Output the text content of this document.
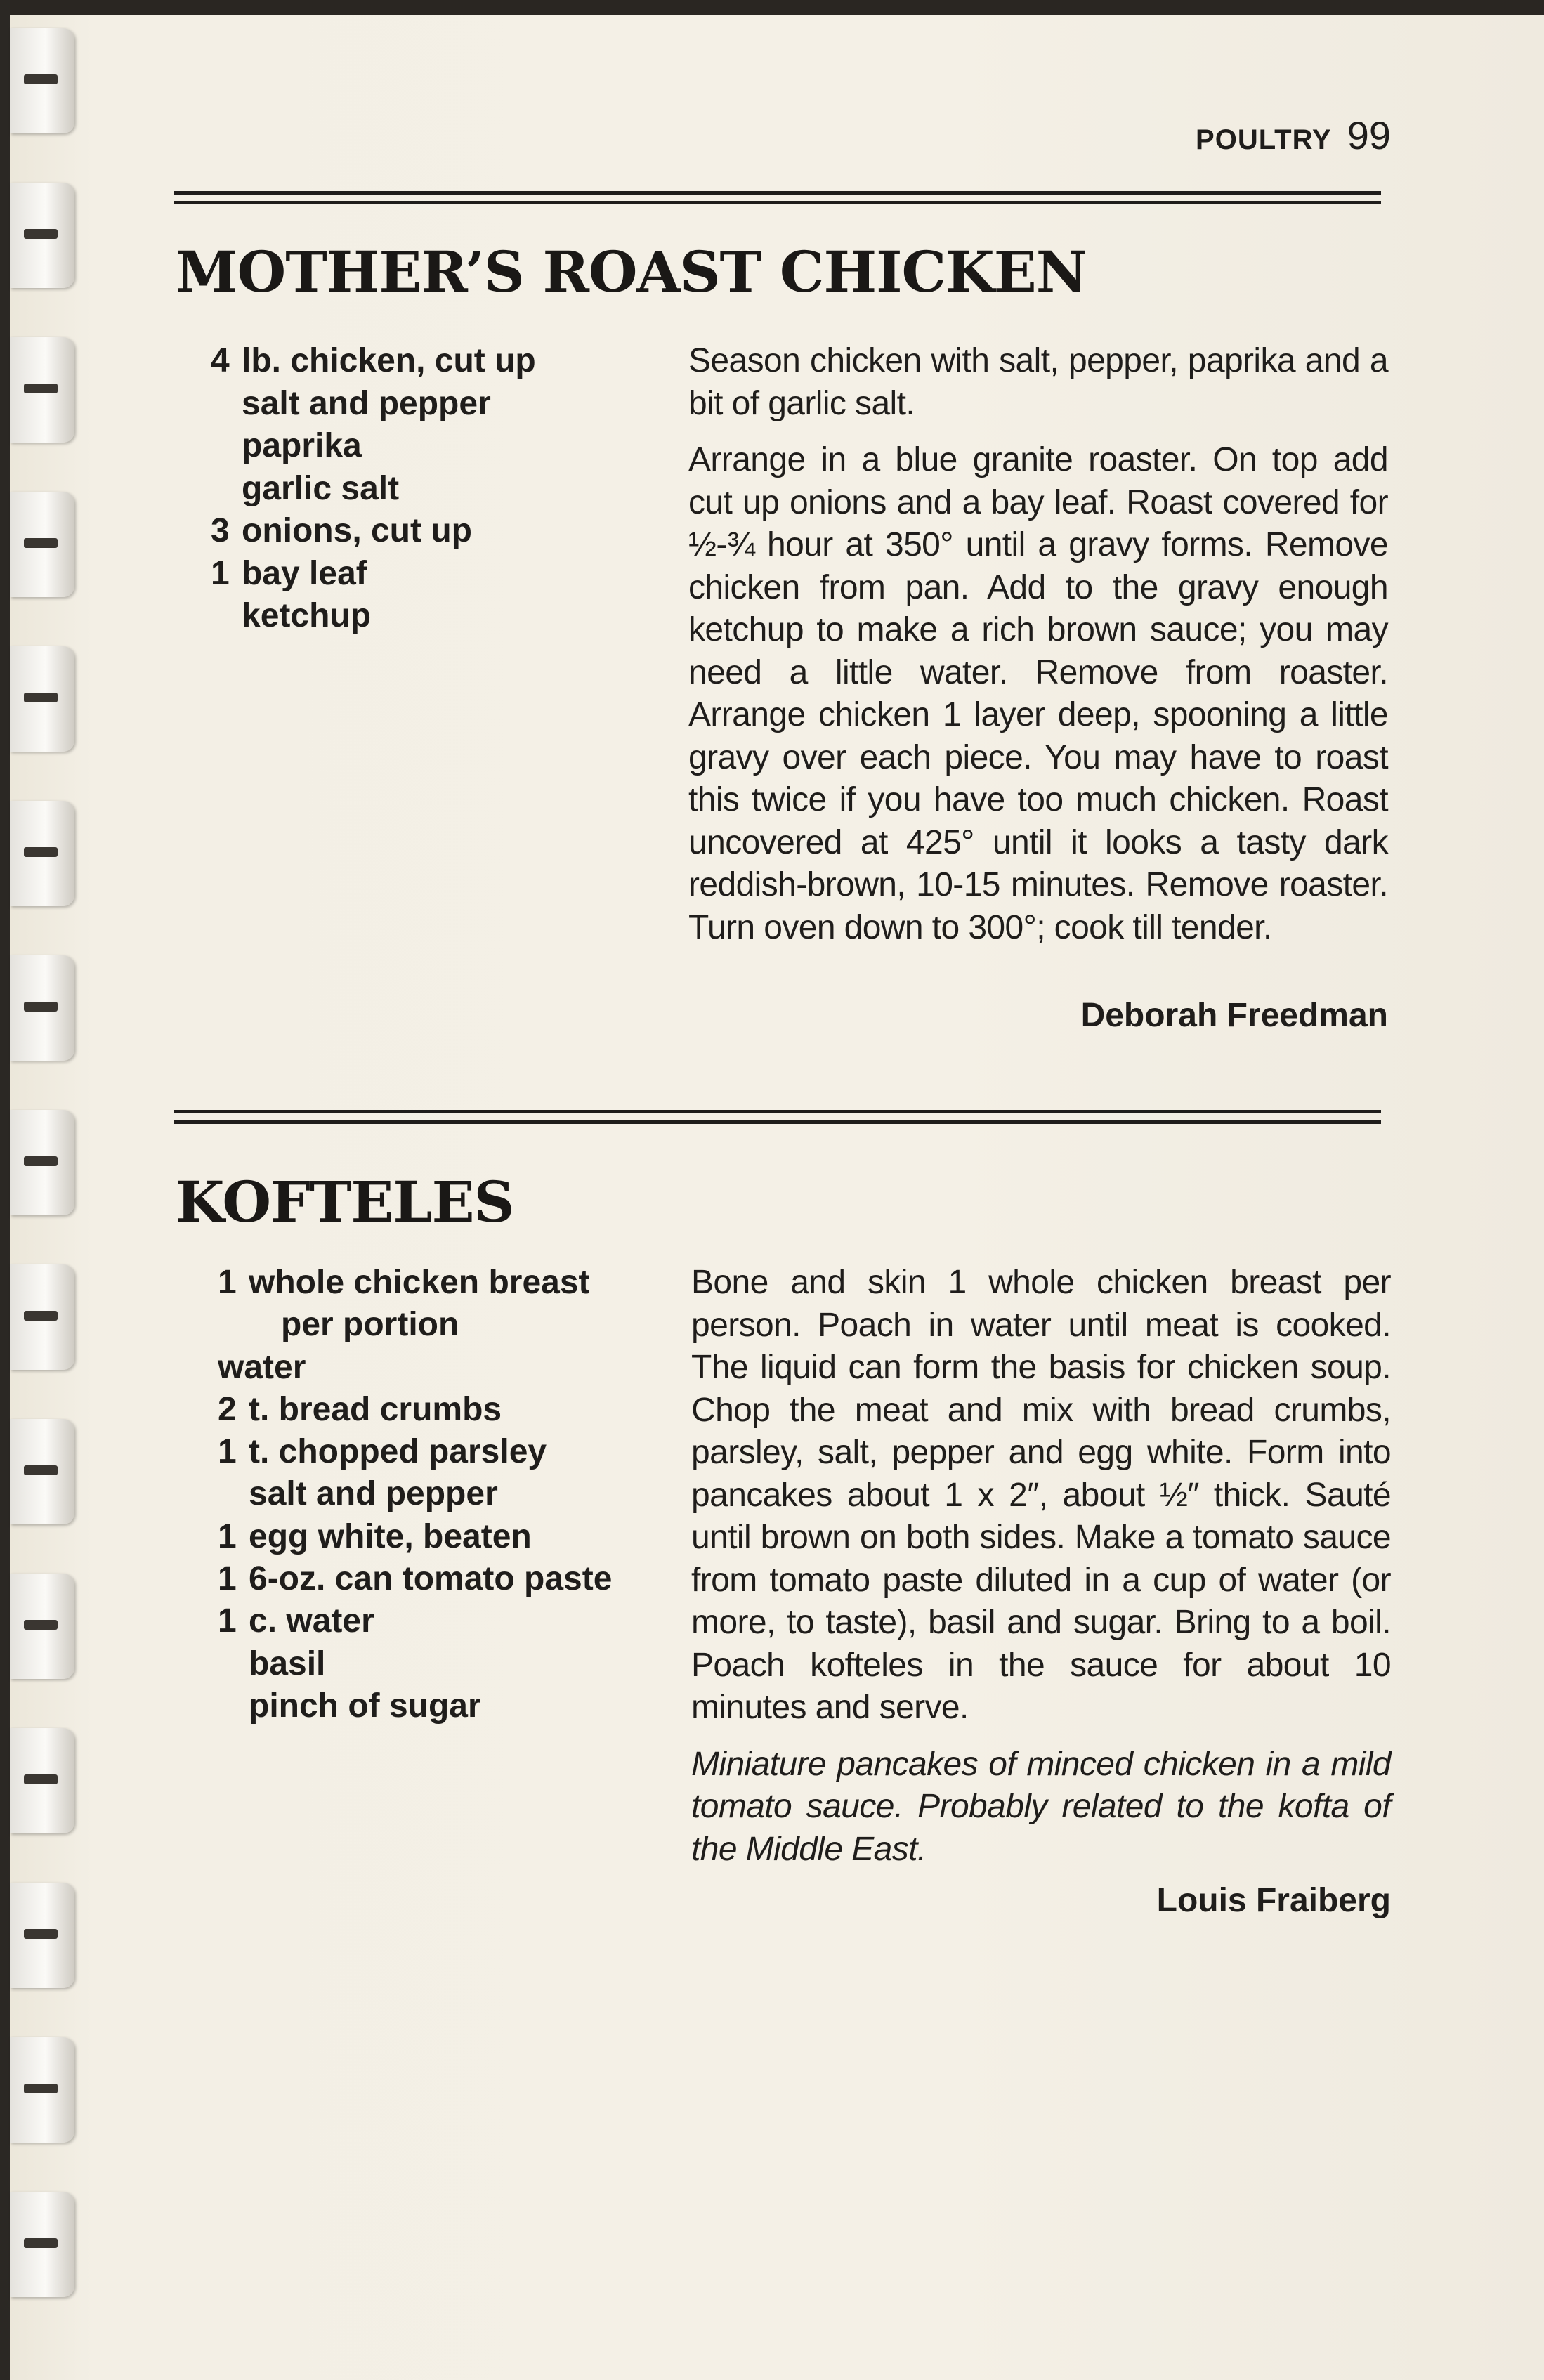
POULTRY 99
MOTHER’S ROAST CHICKEN
4 lb. chicken, cut up
salt and pepper
paprika
garlic salt
3 onions, cut up
1 bay leaf
ketchup

Season chicken with salt, pepper, paprika and a bit of garlic salt.

Arrange in a blue granite roaster. On top add cut up onions and a bay leaf. Roast covered for ½-¾ hour at 350° until a gravy forms. Remove chicken from pan. Add to the gravy enough ketchup to make a rich brown sauce; you may need a little water. Remove from roaster. Arrange chicken 1 layer deep, spooning a little gravy over each piece. You may have to roast this twice if you have too much chicken. Roast uncovered at 425° until it looks a tasty dark reddish-brown, 10-15 minutes. Remove roaster. Turn oven down to 300°; cook till tender.

Deborah Freedman
KOFTELES
1 whole chicken breast
per portion
water
2 t. bread crumbs
1 t. chopped parsley
salt and pepper
1 egg white, beaten
1 6-oz. can tomato paste
1 c. water
basil
pinch of sugar

Bone and skin 1 whole chicken breast per person. Poach in water until meat is cooked. The liquid can form the basis for chicken soup. Chop the meat and mix with bread crumbs, parsley, salt, pepper and egg white. Form into pancakes about 1 x 2″, about ½″ thick. Sauté until brown on both sides. Make a tomato sauce from tomato paste diluted in a cup of water (or more, to taste), basil and sugar. Bring to a boil. Poach kofteles in the sauce for about 10 minutes and serve.

Miniature pancakes of minced chicken in a mild tomato sauce. Probably related to the kofta of the Middle East.

Louis Fraiberg
